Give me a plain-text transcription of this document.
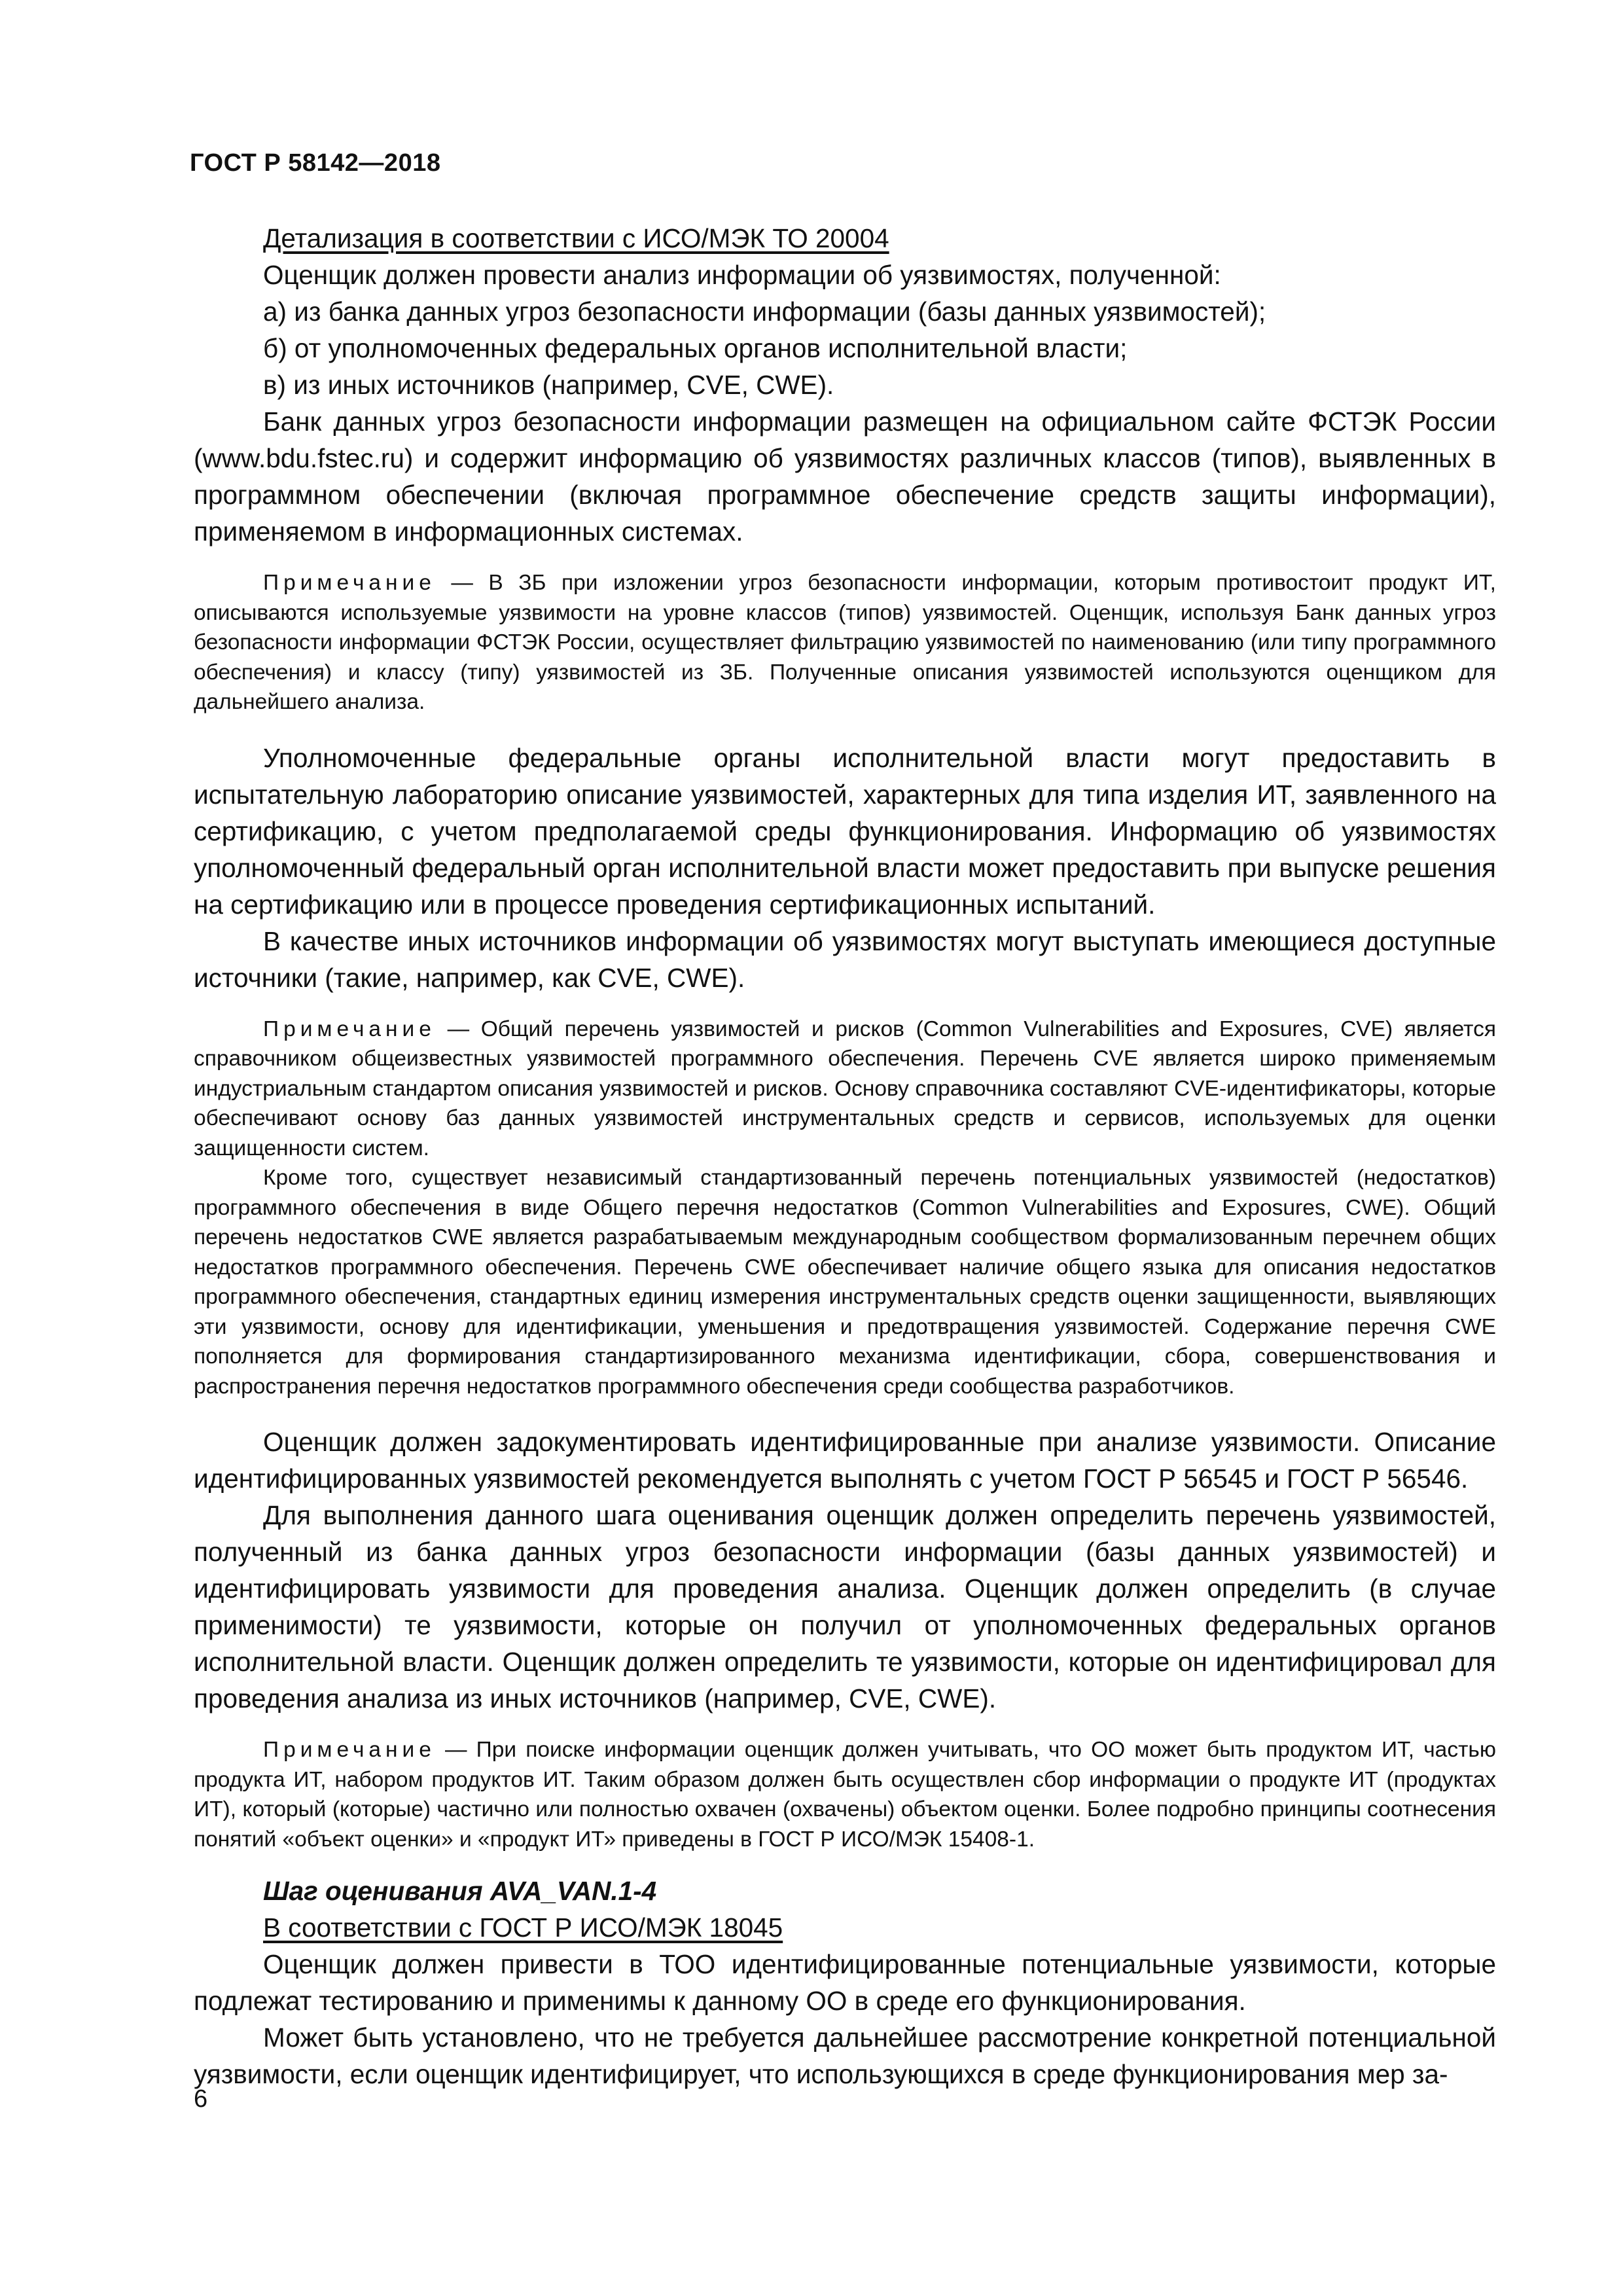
ГОСТ Р 58142—2018

Детализация в соответствии с ИСО/МЭК ТО 20004

Оценщик должен провести анализ информации об уязвимостях, полученной:

а) из банка данных угроз безопасности информации (базы данных уязвимостей);

б) от уполномоченных федеральных органов исполнительной власти;

в) из иных источников (например, CVE, CWE).

Банк данных угроз безопасности информации размещен на официальном сайте ФСТЭК России (www.bdu.fstec.ru) и содержит информацию об уязвимостях различных классов (типов), выявленных в программном обеспечении (включая программное обеспечение средств защиты информации), применяемом в информационных системах.

Примечание — В ЗБ при изложении угроз безопасности информации, которым противостоит продукт ИТ, описываются используемые уязвимости на уровне классов (типов) уязвимостей. Оценщик, используя Банк данных угроз безопасности информации ФСТЭК России, осуществляет фильтрацию уязвимостей по наименованию (или типу программного обеспечения) и классу (типу) уязвимостей из ЗБ. Полученные описания уязвимостей используются оценщиком для дальнейшего анализа.

Уполномоченные федеральные органы исполнительной власти могут предоставить в испытательную лабораторию описание уязвимостей, характерных для типа изделия ИТ, заявленного на сертификацию, с учетом предполагаемой среды функционирования. Информацию об уязвимостях уполномоченный федеральный орган исполнительной власти может предоставить при выпуске решения на сертификацию или в процессе проведения сертификационных испытаний.

В качестве иных источников информации об уязвимостях могут выступать имеющиеся доступные источники (такие, например, как CVE, CWE).

Примечание — Общий перечень уязвимостей и рисков (Common Vulnerabilities and Exposures, CVE) является справочником общеизвестных уязвимостей программного обеспечения. Перечень CVE является широко применяемым индустриальным стандартом описания уязвимостей и рисков. Основу справочника составляют CVE-идентификаторы, которые обеспечивают основу баз данных уязвимостей инструментальных средств и сервисов, используемых для оценки защищенности систем.

Кроме того, существует независимый стандартизованный перечень потенциальных уязвимостей (недостатков) программного обеспечения в виде Общего перечня недостатков (Common Vulnerabilities and Exposures, CWE). Общий перечень недостатков CWE является разрабатываемым международным сообществом формализованным перечнем общих недостатков программного обеспечения. Перечень CWE обеспечивает наличие общего языка для описания недостатков программного обеспечения, стандартных единиц измерения инструментальных средств оценки защищенности, выявляющих эти уязвимости, основу для идентификации, уменьшения и предотвращения уязвимостей. Содержание перечня CWE пополняется для формирования стандартизированного механизма идентификации, сбора, совершенствования и распространения перечня недостатков программного обеспечения среди сообщества разработчиков.

Оценщик должен задокументировать идентифицированные при анализе уязвимости. Описание идентифицированных уязвимостей рекомендуется выполнять с учетом ГОСТ Р 56545 и ГОСТ Р 56546.

Для выполнения данного шага оценивания оценщик должен определить перечень уязвимостей, полученный из банка данных угроз безопасности информации (базы данных уязвимостей) и идентифицировать уязвимости для проведения анализа. Оценщик должен определить (в случае применимости) те уязвимости, которые он получил от уполномоченных федеральных органов исполнительной власти. Оценщик должен определить те уязвимости, которые он идентифицировал для проведения анализа из иных источников (например, CVE, CWE).

Примечание — При поиске информации оценщик должен учитывать, что ОО может быть продуктом ИТ, частью продукта ИТ, набором продуктов ИТ. Таким образом должен быть осуществлен сбор информации о продукте ИТ (продуктах ИТ), который (которые) частично или полностью охвачен (охвачены) объектом оценки. Более подробно принципы соотнесения понятий «объект оценки» и «продукт ИТ» приведены в ГОСТ Р ИСО/МЭК 15408-1.

Шаг оценивания AVA_VAN.1-4

В соответствии с ГОСТ Р ИСО/МЭК 18045

Оценщик должен привести в ТОО идентифицированные потенциальные уязвимости, которые подлежат тестированию и применимы к данному ОО в среде его функционирования.

Может быть установлено, что не требуется дальнейшее рассмотрение конкретной потенциальной уязвимости, если оценщик идентифицирует, что использующихся в среде функционирования мер за-

6
